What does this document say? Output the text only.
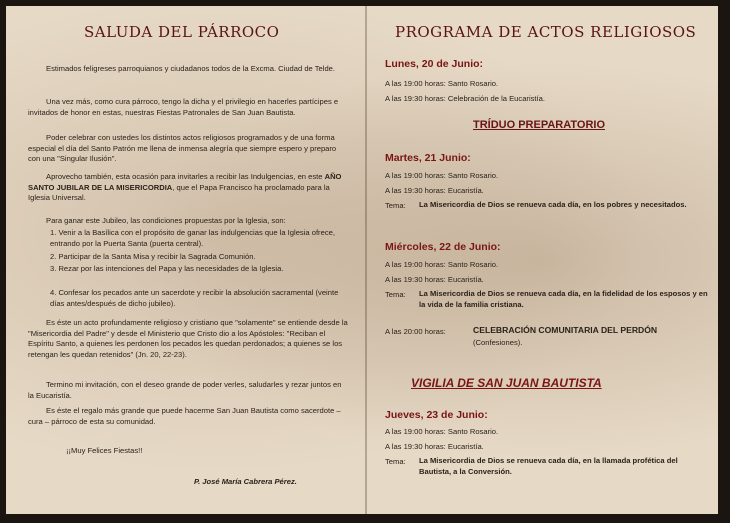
SALUDA DEL PÁRROCO

Estimados feligreses parroquianos y ciudadanos todos de la Excma. Ciudad de Telde.

Una vez más, como cura párroco, tengo la dicha y el privilegio en hacerles partícipes e invitados de honor en estas, nuestras Fiestas Patronales de San Juan Bautista.

Poder celebrar con ustedes los distintos actos religiosos programados y de una forma especial el día del Santo Patrón me llena de inmensa alegría que siempre espero y preparo con una "Singular Ilusión".

Aprovecho también, esta ocasión para invitarles a recibir las Indulgencias, en este AÑO SANTO JUBILAR DE LA MISERICORDIA, que el Papa Francisco ha proclamado para la Iglesia Universal.

Para ganar este Jubileo, las condiciones propuestas por la Iglesia, son:

1. Venir a la Basílica con el propósito de ganar las indulgencias que la Iglesia ofrece, entrando por la Puerta Santa (puerta central).
2. Participar de la Santa Misa y recibir la Sagrada Comunión.
3. Rezar por las intenciones del Papa y las necesidades de la Iglesia.
4. Confesar los pecados ante un sacerdote y recibir la absolución sacramental (veinte días antes/después de dicho jubileo).

Es éste un acto profundamente religioso y cristiano que "solamente" se entiende desde la "Misericordia del Padre" y desde el Ministerio que Cristo dio a los Apóstoles: "Reciban el Espíritu Santo, a quienes les perdonen los pecados les quedan perdonados; a quienes se los retengan les quedan retenidos" (Jn. 20, 22-23).

Termino mi invitación, con el deseo grande de poder verles, saludarles y rezar juntos en la Eucaristía.

Es éste el regalo más grande que puede hacerme San Juan Bautista como sacerdote – cura – párroco de esta su comunidad.

¡¡Muy Felices Fiestas!!
P. José María Cabrera Pérez.
PROGRAMA DE ACTOS RELIGIOSOS
Lunes, 20 de Junio:
A las 19:00 horas: Santo Rosario.
A las 19:30 horas: Celebración de la Eucaristía.
TRÍDUO PREPARATORIO
Martes, 21 Junio:
A las 19:00 horas: Santo Rosario.
A las 19:30 horas: Eucaristía.
Tema: La Misericordia de Dios se renueva cada día, en los pobres y necesitados.
Miércoles, 22 de Junio:
A las 19:00 horas: Santo Rosario.
A las 19:30 horas: Eucaristía.
Tema: La Misericordia de Dios se renueva cada día, en la fidelidad de los esposos y en la vida de la familia cristiana.
A las 20:00 horas:	CELEBRACIÓN COMUNITARIA DEL PERDÓN
(Confesiones).
VIGILIA DE SAN JUAN BAUTISTA
Jueves, 23 de Junio:
A las 19:00 horas: Santo Rosario.
A las 19:30 horas: Eucaristía.
Tema: La Misericordia de Dios se renueva cada día, en la llamada profética del Bautista, a la Conversión.
